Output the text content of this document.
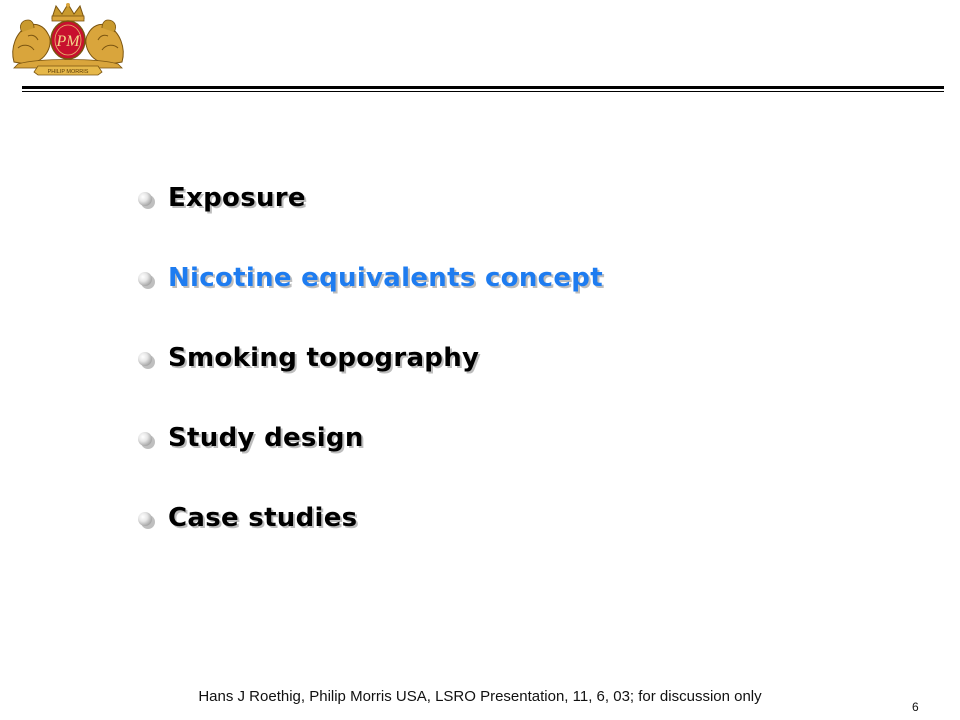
PM
PHILIP MORRIS
Exposure
Nicotine equivalents concept
Smoking topography
Study design
Case studies
Hans J Roethig, Philip Morris USA, LSRO Presentation, 11, 6, 03; for discussion only
6
